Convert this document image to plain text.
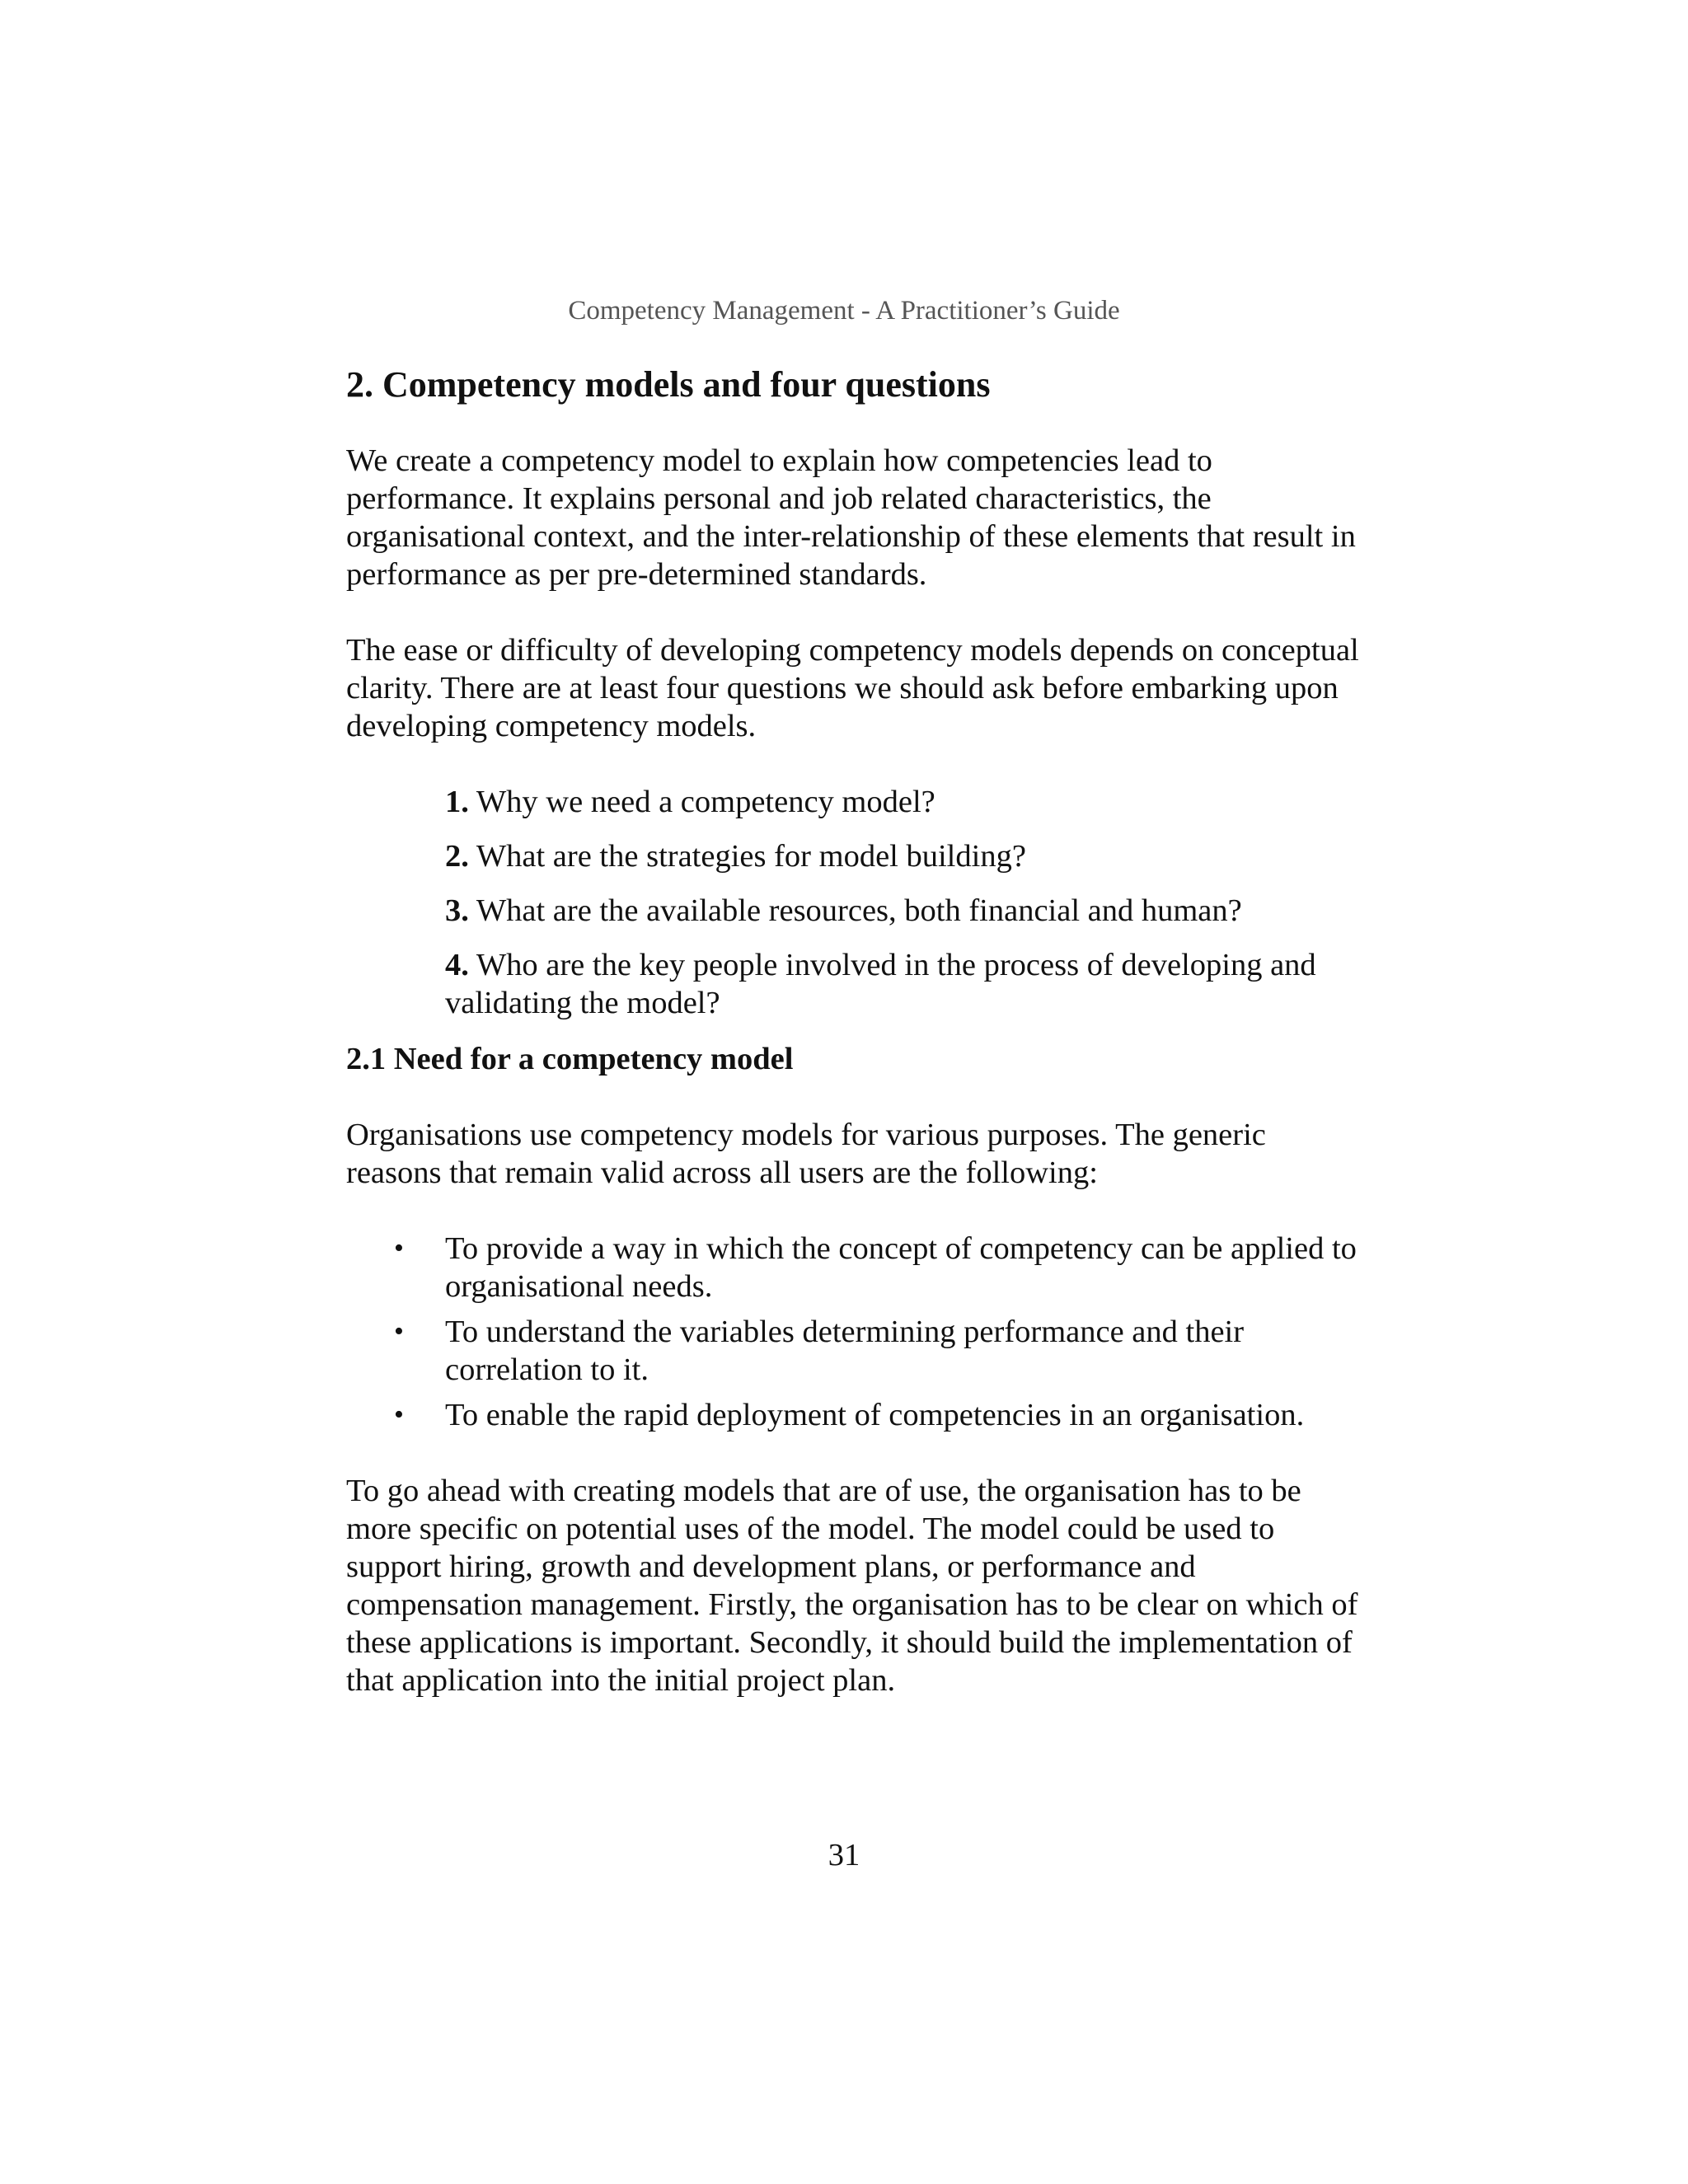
Competency Management - A Practitioner’s Guide
2. Competency models and four questions

We create a competency model to explain how competencies lead to performance. It explains personal and job related characteristics, the organisational context, and the inter-relationship of these elements that result in performance as per pre-determined standards.

The ease or difficulty of developing competency models depends on conceptual clarity. There are at least four questions we should ask before embarking upon developing competency models.

1. Why we need a competency model?
2. What are the strategies for model building?
3. What are the available resources, both financial and human?
4. Who are the key people involved in the process of developing and validating the model?
2.1 Need for a competency model

Organisations use competency models for various purposes. The generic reasons that remain valid across all users are the following:

• To provide a way in which the concept of competency can be applied to organisational needs.
• To understand the variables determining performance and their correlation to it.
• To enable the rapid deployment of competencies in an organisation.

To go ahead with creating models that are of use, the organisation has to be more specific on potential uses of the model. The model could be used to support hiring, growth and development plans, or performance and compensation management. Firstly, the organisation has to be clear on which of these applications is important. Secondly, it should build the implementation of that application into the initial project plan.

31
